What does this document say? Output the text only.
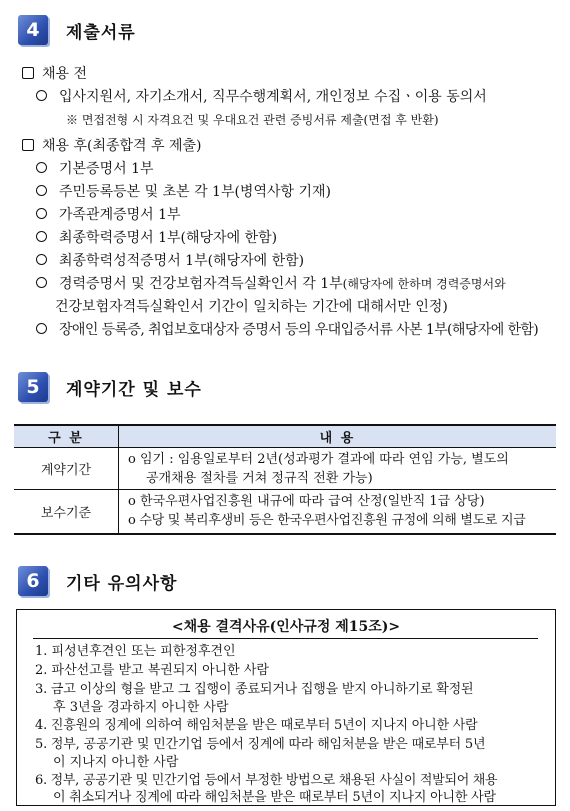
4	제출서류
채용 전
입사지원서, 자기소개서, 직무수행계획서, 개인정보 수집ㆍ이용 동의서
※ 면접전형 시 자격요건 및 우대요건 관련 증빙서류 제출(면접 후 반환)
채용 후(최종합격 후 제출)
기본증명서 1부
주민등록등본 및 초본 각 1부(병역사항 기재)
가족관계증명서 1부
최종학력증명서 1부(해당자에 한함)
최종학력성적증명서 1부(해당자에 한함)
경력증명서 및 건강보험자격득실확인서 각 1부(해당자에 한하며 경력증명서와
건강보험자격득실확인서 기간이 일치하는 기간에 대해서만 인정)
장애인 등록증, 취업보호대상자 증명서 등의 우대입증서류 사본 1부(해당자에 한함)
5	계약기간 및 보수
구 분	내 용
계약기간	o 임기 : 임용일로부터 2년(성과평가 결과에 따라 연임 가능, 별도의
공개채용 절차를 거쳐 정규직 전환 가능)

보수기준	o 한국우편사업진흥원 내규에 따라 급여 산정(일반직 1급 상당)
o 수당 및 복리후생비 등은 한국우편사업진흥원 규정에 의해 별도로 지급
6	기타 유의사항
<채용 결격사유(인사규정 제15조)>
1. 피성년후견인 또는 피한정후견인
2. 파산선고를 받고 복권되지 아니한 사람
3. 금고 이상의 형을 받고 그 집행이 종료되거나 집행을 받지 아니하기로 확정된
후 3년을 경과하지 아니한 사람
4. 진흥원의 징계에 의하여 해임처분을 받은 때로부터 5년이 지나지 아니한 사람
5. 정부, 공공기관 및 민간기업 등에서 징계에 따라 해임처분을 받은 때로부터 5년
이 지나지 아니한 사람
6. 정부, 공공기관 및 민간기업 등에서 부정한 방법으로 채용된 사실이 적발되어 채용
이 취소되거나 징계에 따라 해임처분을 받은 때로부터 5년이 지나지 아니한 사람
